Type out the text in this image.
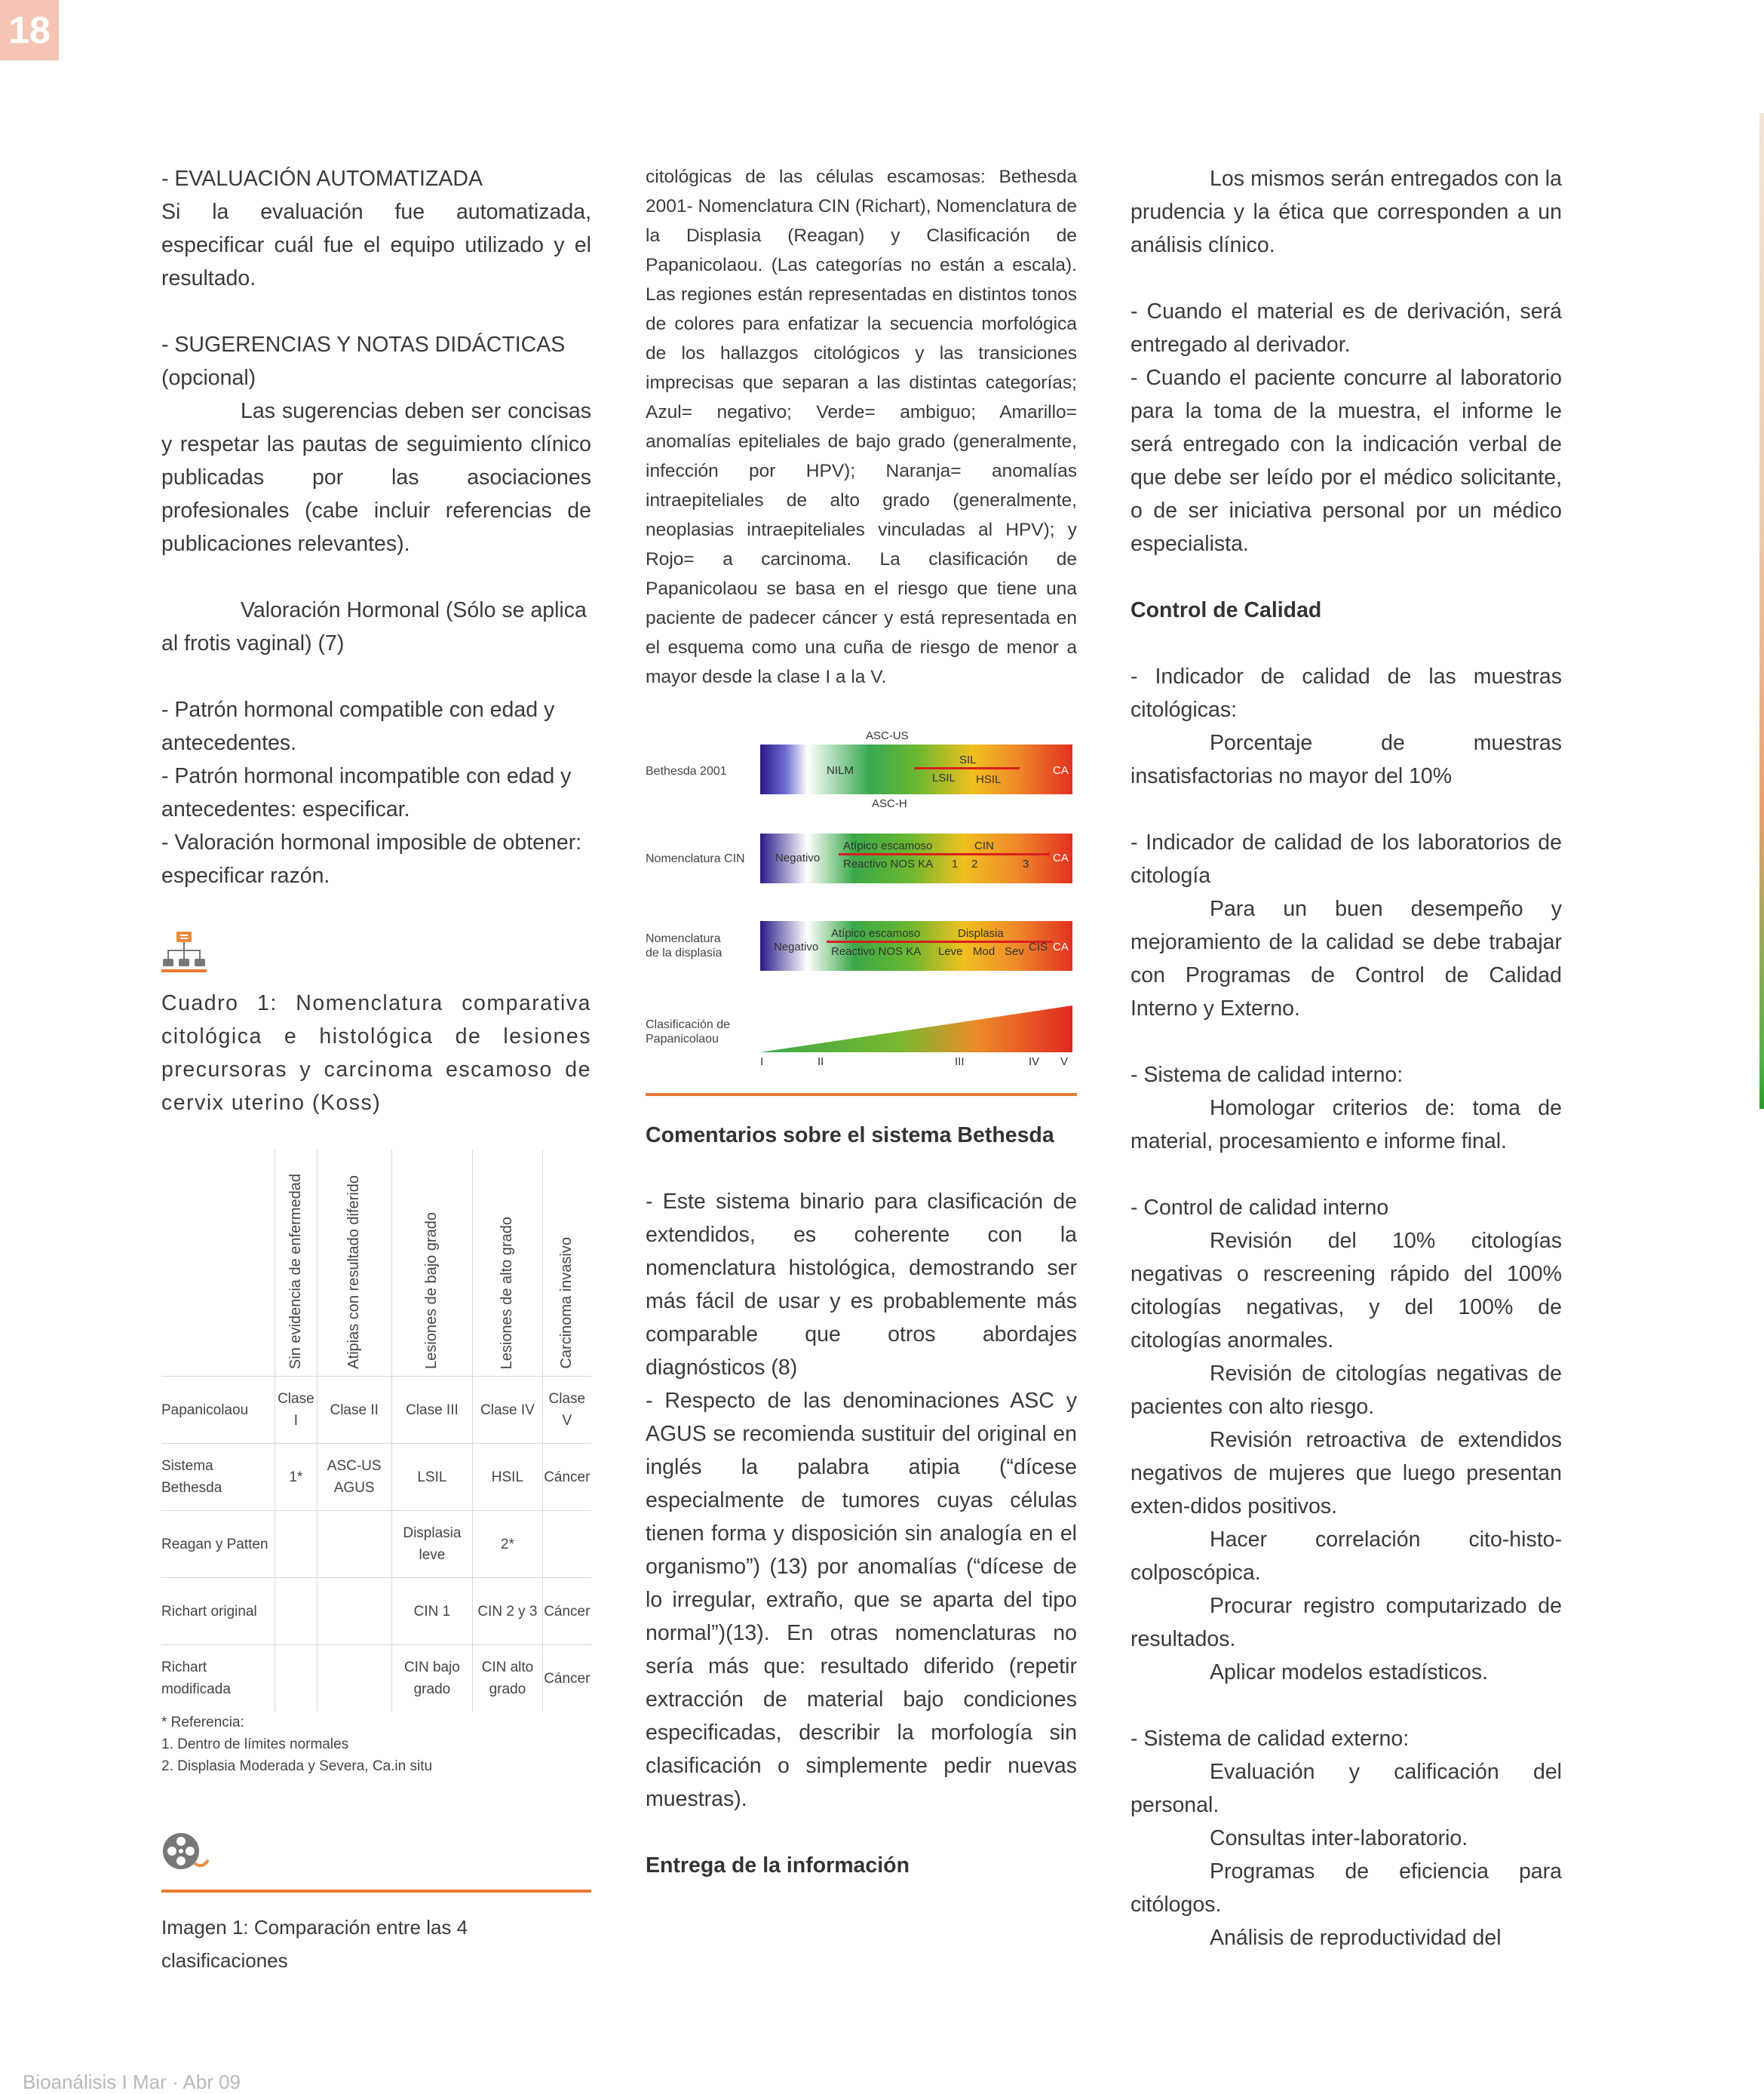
18

- EVALUACIÓN AUTOMATIZADA

Si la evaluación fue automatizada, especificar cuál fue el equipo utilizado y el resultado.

- SUGERENCIAS Y NOTAS DIDÁCTICAS (opcional)

Las sugerencias deben ser concisas y respetar las pautas de seguimiento clínico publicadas por las asociaciones profesionales (cabe incluir referencias de publicaciones relevantes).

Valoración Hormonal (Sólo se aplica al frotis vaginal) (7)

- Patrón hormonal compatible con edad y antecedentes.

- Patrón hormonal incompatible con edad y antecedentes: especificar.

- Valoración hormonal imposible de obtener: especificar razón.

Cuadro 1: Nomenclatura comparativa citológica e histológica de lesiones precursoras y carcinoma escamoso de cervix uterino (Koss)

	Sin evidencia de enfermedad	Atipias con resultado diferido	Lesiones de bajo grado	Lesiones de alto grado	Carcinoma invasivo
Papanicolaou	Clase I	Clase II	Clase III	Clase IV	Clase V
Sistema Bethesda	1*	ASC-US AGUS	LSIL	HSIL	Cáncer
Reagan y Patten			Displasia leve	2*	
Richart original			CIN 1	CIN 2 y 3	Cáncer
Richart modificada			CIN bajo grado	CIN alto grado	Cáncer

* Referencia:

1. Dentro de límites normales

2. Displasia Moderada y Severa, Ca.in situ

Imagen 1: Comparación entre las 4 clasificaciones

citológicas de las células escamosas: Bethesda 2001- Nomenclatura CIN (Richart), Nomenclatura de la Displasia (Reagan) y Clasificación de Papanicolaou. (Las categorías no están a escala). Las regiones están representadas en distintos tonos de colores para enfatizar la secuencia morfológica de los hallazgos citológicos y las transiciones imprecisas que separan a las distintas categorías; Azul= negativo; Verde= ambiguo; Amarillo= anomalías epiteliales de bajo grado (generalmente, infección por HPV); Naranja= anomalías intraepiteliales de alto grado (generalmente, neoplasias intraepiteliales vinculadas al HPV); y Rojo= a carcinoma. La clasificación de Papanicolaou se basa en el riesgo que tiene una paciente de padecer cáncer y está representada en el esquema como una cuña de riesgo de menor a mayor desde la clase I a la V.

Bethesda 2001
ASC-US
NILM
SIL
LSIL HSIL
CA
ASC-H
Nomenclatura CIN	Negativo
Atípico escamoso	CIN
Reactivo NOS KA 1 2	3 CA
Nomenclatura
de la displasia	Negativo
Atípico escamoso	Displasia
Reactivo NOS KA Leve Mod Sev CIS CA
Clasificación de
Papanicolaou
I	II	III	IV V

Comentarios sobre el sistema Bethesda

- Este sistema binario para clasificación de extendidos, es coherente con la nomenclatura histológica, demostrando ser más fácil de usar y es probablemente más comparable que otros abordajes diagnósticos (8)

- Respecto de las denominaciones ASC y AGUS se recomienda sustituir del original en inglés la palabra atipia (“dícese especialmente de tumores cuyas células tienen forma y disposición sin analogía en el organismo”) (13) por anomalías (“dícese de lo irregular, extraño, que se aparta del tipo normal”)(13). En otras nomenclaturas no sería más que: resultado diferido (repetir extracción de material bajo condiciones especificadas, describir la morfología sin clasificación o simplemente pedir nuevas muestras).

Entrega de la información

Los mismos serán entregados con la prudencia y la ética que corresponden a un análisis clínico.

- Cuando el material es de derivación, será entregado al derivador.

- Cuando el paciente concurre al laboratorio para la toma de la muestra, el informe le será entregado con la indicación verbal de que debe ser leído por el médico solicitante, o de ser iniciativa personal por un médico especialista.

Control de Calidad

- Indicador de calidad de las muestras citológicas:

Porcentaje de muestras insatisfactorias no mayor del 10%

- Indicador de calidad de los laboratorios de citología

Para un buen desempeño y mejoramiento de la calidad se debe trabajar con Programas de Control de Calidad Interno y Externo.

- Sistema de calidad interno:

Homologar criterios de: toma de material, procesamiento e informe final.

- Control de calidad interno

Revisión del 10% citologías negativas o rescreening rápido del 100% citologías negativas, y del 100% de citologías anormales.

Revisión de citologías negativas de pacientes con alto riesgo.

Revisión retroactiva de extendidos negativos de mujeres que luego presentan exten-didos positivos.

Hacer correlación cito-histo-colposcópica.

Procurar registro computarizado de resultados.

Aplicar modelos estadísticos.

- Sistema de calidad externo:

Evaluación y calificación del personal.

Consultas inter-laboratorio.

Programas de eficiencia para citólogos.

Análisis de reproductividad del

Bioanálisis I Mar · Abr 09
